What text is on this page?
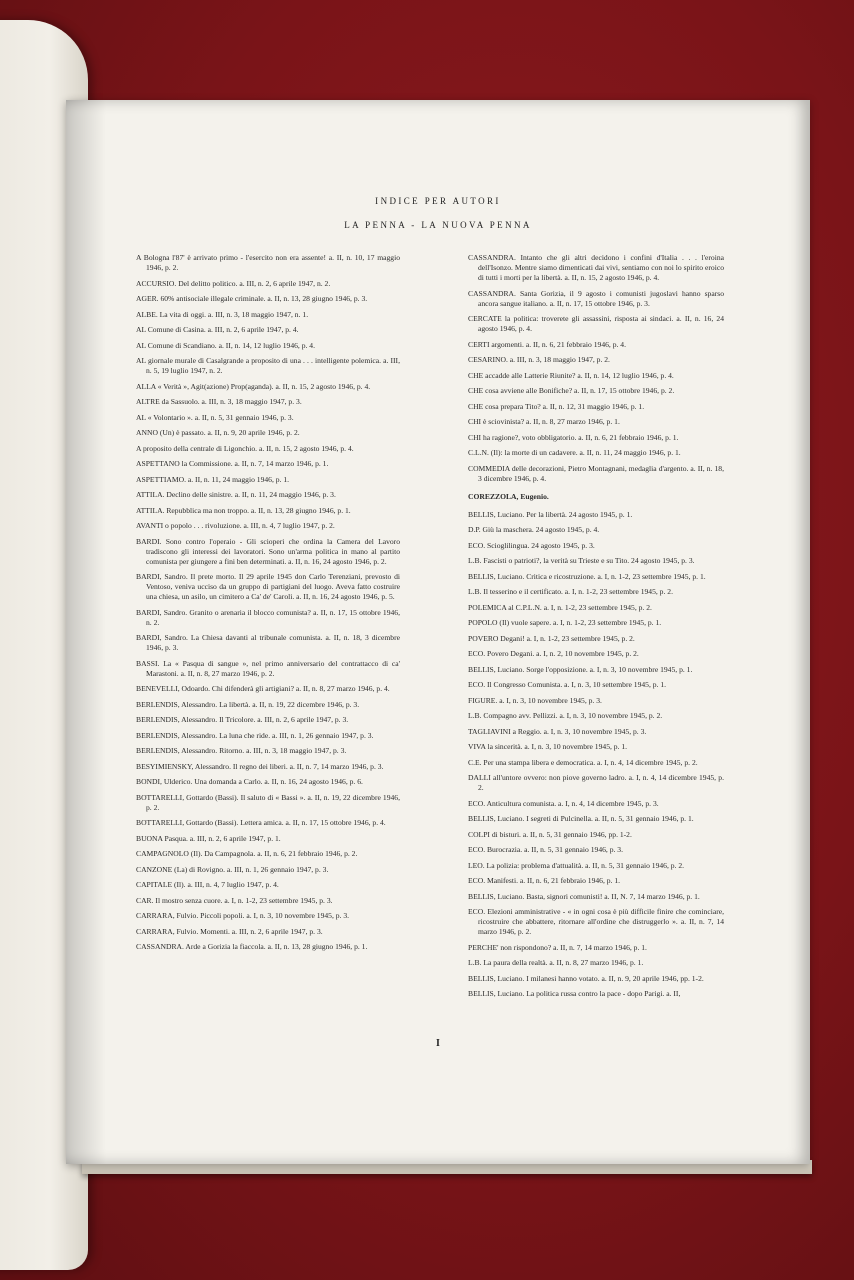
INDICE PER AUTORI
LA PENNA - LA NUOVA PENNA
A Bologna l'87' è arrivato primo - l'esercito non era assente! a. II, n. 10, 17 maggio 1946, p. 2.
ACCURSIO. Del delitto politico. a. III, n. 2, 6 aprile 1947, n. 2.
AGER. 60% antisociale illegale criminale. a. II, n. 13, 28 giugno 1946, p. 3.
ALBE. La vita di oggi. a. III, n. 3, 18 maggio 1947, n. 1.
AL Comune di Casina. a. III, n. 2, 6 aprile 1947, p. 4.
AL Comune di Scandiano. a. II, n. 14, 12 luglio 1946, p. 4.
AL giornale murale di Casalgrande a proposito di una . . . intelligente polemica. a. III, n. 5, 19 luglio 1947, n. 2.
ALLA « Verità », Agit(azione) Prop(aganda). a. II, n. 15, 2 agosto 1946, p. 4.
ALTRE da Sassuolo. a. III, n. 3, 18 maggio 1947, p. 3.
AL « Volontario ». a. II, n. 5, 31 gennaio 1946, p. 3.
ANNO (Un) è passato. a. II, n. 9, 20 aprile 1946, p. 2.
A proposito della centrale di Ligonchio. a. II, n. 15, 2 agosto 1946, p. 4.
ASPETTANO la Commissione. a. II, n. 7, 14 marzo 1946, p. 1.
ASPETTIAMO. a. II, n. 11, 24 maggio 1946, p. 1.
ATTILA. Declino delle sinistre. a. II, n. 11, 24 maggio 1946, p. 3.
ATTILA. Repubblica ma non troppo. a. II, n. 13, 28 giugno 1946, p. 1.
AVANTI o popolo . . . rivoluzione. a. III, n. 4, 7 luglio 1947, p. 2.
BARDI. Sono contro l'operaio - Gli scioperi che ordina la Camera del Lavoro tradiscono gli interessi dei lavoratori. Sono un'arma politica in mano al partito comunista per giungere a fini ben determinati. a. II, n. 16, 24 agosto 1946, p. 2.
BARDI, Sandro. Il prete morto. Il 29 aprile 1945 don Carlo Terenziani, prevosto di Ventoso, veniva ucciso da un gruppo di partigiani del luogo. Aveva fatto costruire una chiesa, un asilo, un cimitero a Ca' de' Caroli. a. II, n. 16, 24 agosto 1946, p. 5.
BARDI, Sandro. Granito o arenaria il blocco comunista? a. II, n. 17, 15 ottobre 1946, n. 2.
BARDI, Sandro. La Chiesa davanti al tribunale comunista. a. II, n. 18, 3 dicembre 1946, p. 3.
BASSI. La « Pasqua di sangue », nel primo anniversario del contrattacco di ca' Marastoni. a. II, n. 8, 27 marzo 1946, p. 2.
BENEVELLI, Odoardo. Chi difenderà gli artigiani? a. II, n. 8, 27 marzo 1946, p. 4.
BERLENDIS, Alessandro. La libertà. a. II, n. 19, 22 dicembre 1946, p. 3.
BERLENDIS, Alessandro. Il Tricolore. a. III, n. 2, 6 aprile 1947, p. 3.
BERLENDIS, Alessandro. La luna che ride. a. III, n. 1, 26 gennaio 1947, p. 3.
BERLENDIS, Alessandro. Ritorno. a. III, n. 3, 18 maggio 1947, p. 3.
BESYIMIENSKY, Alessandro. Il regno dei liberi. a. II, n. 7, 14 marzo 1946, p. 3.
BONDI, Ulderico. Una domanda a Carlo. a. II, n. 16, 24 agosto 1946, p. 6.
BOTTARELLI, Gottardo (Bassi). Il saluto di « Bassi ». a. II, n. 19, 22 dicembre 1946, p. 2.
BOTTARELLI, Gottardo (Bassi). Lettera amica. a. II, n. 17, 15 ottobre 1946, p. 4.
BUONA Pasqua. a. III, n. 2, 6 aprile 1947, p. 1.
CAMPAGNOLO (Il). Da Campagnola. a. II, n. 6, 21 febbraio 1946, p. 2.
CANZONE (La) di Rovigno. a. III, n. 1, 26 gennaio 1947, p. 3.
CAPITALE (Il). a. III, n. 4, 7 luglio 1947, p. 4.
CAR. Il mostro senza cuore. a. I, n. 1-2, 23 settembre 1945, p. 3.
CARRARA, Fulvio. Piccoli popoli. a. I, n. 3, 10 novembre 1945, p. 3.
CARRARA, Fulvio. Momenti. a. III, n. 2, 6 aprile 1947, p. 3.
CASSANDRA. Arde a Gorizia la fiaccola. a. II, n. 13, 28 giugno 1946, p. 1.
CASSANDRA. Intanto che gli altri decidono i confini d'Italia . . . l'eroina dell'Isonzo. Mentre siamo dimenticati dai vivi, sentiamo con noi lo spirito eroico di tutti i morti per la libertà. a. II, n. 15, 2 agosto 1946, p. 4.
CASSANDRA. Santa Gorizia, il 9 agosto i comunisti jugoslavi hanno sparso ancora sangue italiano. a. II, n. 17, 15 ottobre 1946, p. 3.
CERCATE la politica: troverete gli assassini, risposta ai sindaci. a. II, n. 16, 24 agosto 1946, p. 4.
CERTI argomenti. a. II, n. 6, 21 febbraio 1946, p. 4.
CESARINO. a. III, n. 3, 18 maggio 1947, p. 2.
CHE accadde alle Latterie Riunite? a. II, n. 14, 12 luglio 1946, p. 4.
CHE cosa avviene alle Bonifiche? a. II, n. 17, 15 ottobre 1946, p. 2.
CHE cosa prepara Tito? a. II, n. 12, 31 maggio 1946, p. 1.
CHI è sciovinista? a. II, n. 8, 27 marzo 1946, p. 1.
CHI ha ragione?, voto obbligatorio. a. II, n. 6, 21 febbraio 1946, p. 1.
C.L.N. (Il): la morte di un cadavere. a. II, n. 11, 24 maggio 1946, p. 1.
COMMEDIA delle decorazioni, Pietro Montagnani, medaglia d'argento. a. II, n. 18, 3 dicembre 1946, p. 4.
COREZZOLA, Eugenio.
BELLIS, Luciano. Per la libertà. 24 agosto 1945, p. 1.
D.P. Giù la maschera. 24 agosto 1945, p. 4.
ECO. Scioglilingua. 24 agosto 1945, p. 3.
L.B. Fascisti o patrioti?, la verità su Trieste e su Tito. 24 agosto 1945, p. 3.
BELLIS, Luciano. Critica e ricostruzione. a. I, n. 1-2, 23 settembre 1945, p. 1.
L.B. Il tesserino e il certificato. a. I, n. 1-2, 23 settembre 1945, p. 2.
POLEMICA al C.P.L.N. a. I, n. 1-2, 23 settembre 1945, p. 2.
POPOLO (Il) vuole sapere. a. I, n. 1-2, 23 settembre 1945, p. 1.
POVERO Degani! a. I, n. 1-2, 23 settembre 1945, p. 2.
ECO. Povero Degani. a. I, n. 2, 10 novembre 1945, p. 2.
BELLIS, Luciano. Sorge l'opposizione. a. I, n. 3, 10 novembre 1945, p. 1.
ECO. Il Congresso Comunista. a. I, n. 3, 10 settembre 1945, p. 1.
FIGURE. a. I, n. 3, 10 novembre 1945, p. 3.
L.B. Compagno avv. Pellizzi. a. I, n. 3, 10 novembre 1945, p. 2.
TAGLIAVINI a Reggio. a. I, n. 3, 10 novembre 1945, p. 3.
VIVA la sincerità. a. I, n. 3, 10 novembre 1945, p. 1.
C.E. Per una stampa libera e democratica. a. I, n. 4, 14 dicembre 1945, p. 2.
DALLI all'untore ovvero: non piove governo ladro. a. I, n. 4, 14 dicembre 1945, p. 2.
ECO. Anticultura comunista. a. I, n. 4, 14 dicembre 1945, p. 3.
BELLIS, Luciano. I segreti di Pulcinella. a. II, n. 5, 31 gennaio 1946, p. 1.
COLPI di bisturi. a. II, n. 5, 31 gennaio 1946, pp. 1-2.
ECO. Burocrazia. a. II, n. 5, 31 gennaio 1946, p. 3.
LEO. La polizia: problema d'attualità. a. II, n. 5, 31 gennaio 1946, p. 2.
ECO. Manifesti. a. II, n. 6, 21 febbraio 1946, p. 1.
BELLIS, Luciano. Basta, signori comunisti! a. II, N. 7, 14 marzo 1946, p. 1.
ECO. Elezioni amministrative - « in ogni cosa è più difficile finire che cominciare, ricostruire che abbattere, ritornare all'ordine che distruggerlo ». a. II, n. 7, 14 marzo 1946, p. 2.
PERCHE' non rispondono? a. II, n. 7, 14 marzo 1946, p. 1.
L.B. La paura della realtà. a. II, n. 8, 27 marzo 1946, p. 1.
BELLIS, Luciano. I milanesi hanno votato. a. II, n. 9, 20 aprile 1946, pp. 1-2.
BELLIS, Luciano. La politica russa contro la pace - dopo Parigi. a. II,
I
